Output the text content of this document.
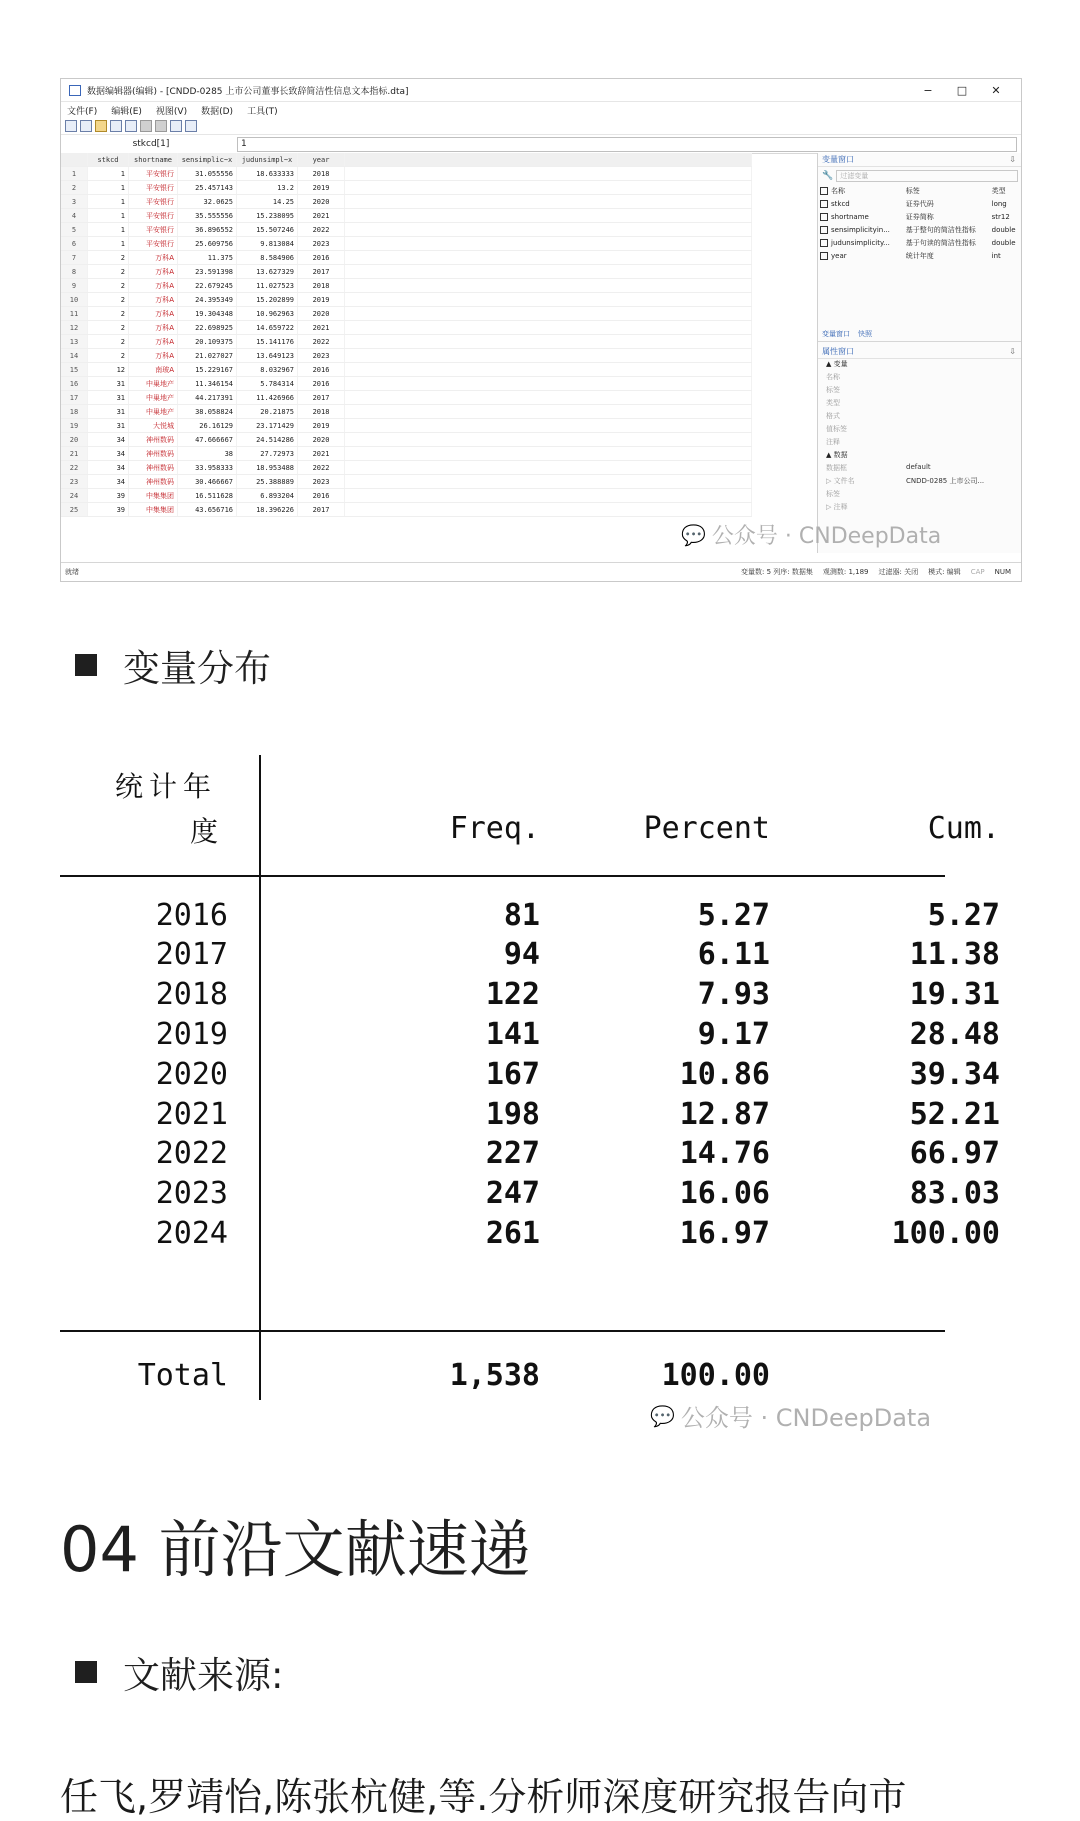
数据编辑器(编辑) - [CNDD-0285 上市公司董事长致辞简洁性信息文本指标.dta]	−	□	✕
文件(F) 编辑(E) 视图(V) 数据(D) 工具(T)
stkcd[1]	1
	stkcd	shortname	sensimplic~x	judunsimpl~x	year	
1	1	平安银行	31.055556	18.633333	2018	
2	1	平安银行	25.457143	13.2	2019	
3	1	平安银行	32.0625	14.25	2020	
4	1	平安银行	35.555556	15.238095	2021	
5	1	平安银行	36.896552	15.507246	2022	
6	1	平安银行	25.609756	9.813084	2023	
7	2	万科A	11.375	8.584906	2016	
8	2	万科A	23.591398	13.627329	2017	
9	2	万科A	22.679245	11.027523	2018	
10	2	万科A	24.395349	15.202899	2019	
11	2	万科A	19.304348	10.962963	2020	
12	2	万科A	22.698925	14.659722	2021	
13	2	万科A	20.109375	15.141176	2022	
14	2	万科A	21.027027	13.649123	2023	
15	12	南玻A	15.229167	8.032967	2016	
16	31	中巢地产	11.346154	5.784314	2016	
17	31	中巢地产	44.217391	11.426966	2017	
18	31	中巢地产	38.058824	20.21875	2018	
19	31	大悦城	26.16129	23.171429	2019	
20	34	神州数码	47.666667	24.514286	2020	
21	34	神州数码	38	27.72973	2021	
22	34	神州数码	33.958333	18.953488	2022	
23	34	神州数码	30.466667	25.388889	2023	
24	39	中集集团	16.511628	6.893204	2016	
25	39	中集集团	43.656716	18.396226	2017	
变量窗口	⇩
🔧	过滤变量
名称	标签	类型
stkcd	证券代码	long
shortname	证券简称	str12
sensimplicityin...	基于整句的简洁性指标	double
judunsimplicity...	基于句读的简洁性指标	double
year	统计年度	int
变量窗口	快照
属性窗口	⇩
▲ 变量
名称
标签
类型
格式
值标签
注释
▲ 数据
数据框	default
▷ 文件名	CNDD-0285 上市公司...
标签
▷ 注释
就绪	变量数: 5 列序: 数据集 观测数: 1,189 过滤器: 关闭 模式: 编辑 CAP NUM
💬 公众号 · CNDeepData
变量分布
统计年
度	Freq.	Percent	Cum.
2016	81	5.27	5.27
2017	94	6.11	11.38
2018	122	7.93	19.31
2019	141	9.17	28.48
2020	167	10.86	39.34
2021	198	12.87	52.21
2022	227	14.76	66.97
2023	247	16.06	83.03
2024	261	16.97	100.00
Total	1,538	100.00
💬 公众号 · CNDeepData
04 前沿文献速递
文献来源:
任飞,罗靖怡,陈张杭健,等.分析师深度研究报告向市
